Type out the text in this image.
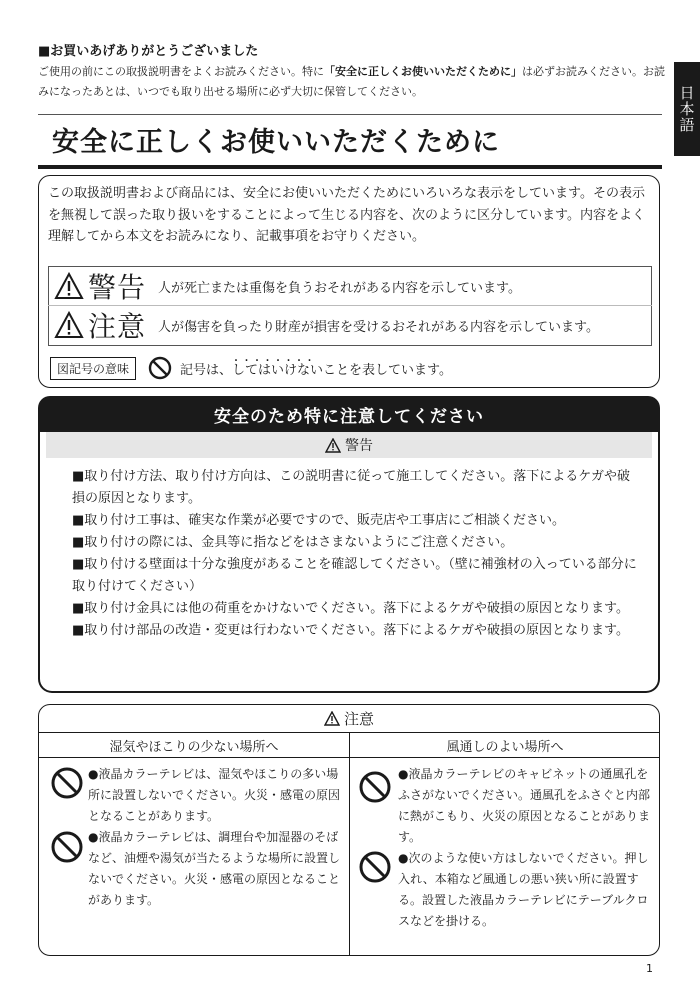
日本語
■お買いあげありがとうございました
ご使用の前にこの取扱説明書をよくお読みください。特に「安全に正しくお使いいただくために」は必ずお読みください。お読みになったあとは、いつでも取り出せる場所に必ず大切に保管してください。
安全に正しくお使いいただくために
この取扱説明書および商品には、安全にお使いいただくためにいろいろな表示をしています。その表示を無視して誤った取り扱いをすることによって生じる内容を、次のように区分しています。内容をよく理解してから本文をお読みになり、記載事項をお守りください。
警告 人が死亡または重傷を負うおそれがある内容を示しています。
注意 人が傷害を負ったり財産が損害を受けるおそれがある内容を示しています。
図記号の意味	記号は、・・・・・・・・ してはいけないことを表しています。
安全のため特に注意してください
警告
■取り付け方法、取り付け方向は、この説明書に従って施工してください。落下によるケガや破損の原因となります。
■取り付け工事は、確実な作業が必要ですので、販売店や工事店にご相談ください。
■取り付けの際には、金具等に指などをはさまないようにご注意ください。
■取り付ける壁面は十分な強度があることを確認してください。（壁に補強材の入っている部分に取り付けてください）
■取り付け金具には他の荷重をかけないでください。落下によるケガや破損の原因となります。
■取り付け部品の改造・変更は行わないでください。落下によるケガや破損の原因となります。
注意
湿気やほこりの少ない場所へ	風通しのよい場所へ
●液晶カラーテレビは、湿気やほこりの多い場所に設置しないでください。火災・感電の原因となることがあります。
●液晶カラーテレビは、調理台や加湿器のそばなど、油煙や湯気が当たるような場所に設置しないでください。火災・感電の原因となることがあります。
●液晶カラーテレビのキャビネットの通風孔をふさがないでください。通風孔をふさぐと内部に熱がこもり、火災の原因となることがあります。
●次のような使い方はしないでください。押し入れ、本箱など風通しの悪い狭い所に設置する。設置した液晶カラーテレビにテーブルクロスなどを掛ける。
1
